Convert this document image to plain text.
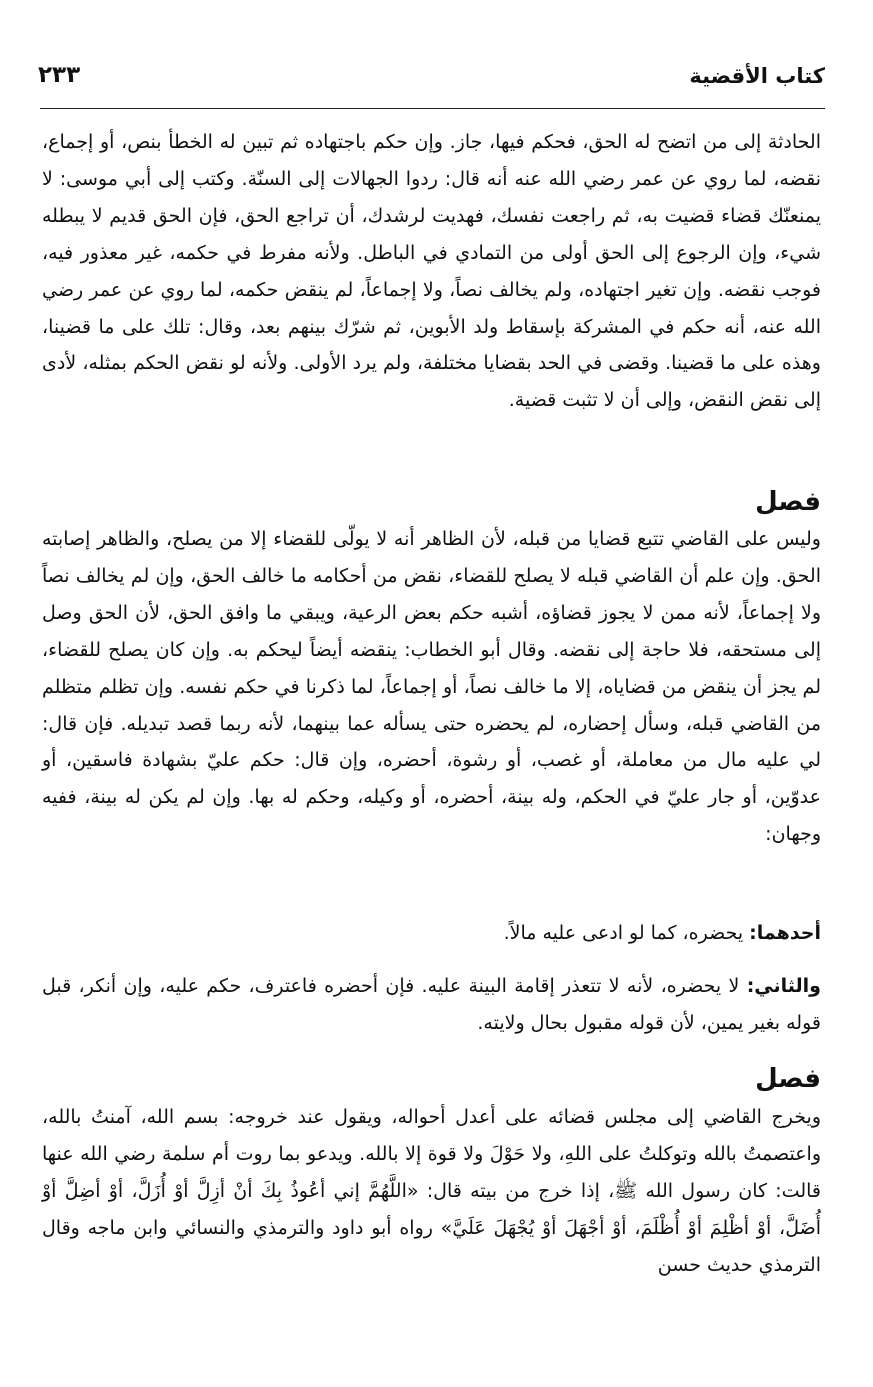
كتاب الأقضية
٢٣٣

الحادثة إلى من اتضح له الحق، فحكم فيها، جاز. وإن حكم باجتهاده ثم تبين له الخطأ بنص، أو إجماع، نقضه، لما روي عن عمر رضي الله عنه أنه قال: ردوا الجهالات إلى السنّة. وكتب إلى أبي موسى: لا يمنعنّك قضاء قضيت به، ثم راجعت نفسك، فهديت لرشدك، أن تراجع الحق، فإن الحق قديم لا يبطله شيء، وإن الرجوع إلى الحق أولى من التمادي في الباطل. ولأنه مفرط في حكمه، غير معذور فيه، فوجب نقضه. وإن تغير اجتهاده، ولم يخالف نصاً، ولا إجماعاً، لم ينقض حكمه، لما روي عن عمر رضي الله عنه، أنه حكم في المشركة بإسقاط ولد الأبوين، ثم شرّك بينهم بعد، وقال: تلك على ما قضينا، وهذه على ما قضينا. وقضى في الحد بقضايا مختلفة، ولم يرد الأولى. ولأنه لو نقض الحكم بمثله، لأدى إلى نقض النقض، وإلى أن لا تثبت قضية.

فصل

وليس على القاضي تتبع قضايا من قبله، لأن الظاهر أنه لا يولّى للقضاء إلا من يصلح، والظاهر إصابته الحق. وإن علم أن القاضي قبله لا يصلح للقضاء، نقض من أحكامه ما خالف الحق، وإن لم يخالف نصاً ولا إجماعاً، لأنه ممن لا يجوز قضاؤه، أشبه حكم بعض الرعية، ويبقي ما وافق الحق، لأن الحق وصل إلى مستحقه، فلا حاجة إلى نقضه. وقال أبو الخطاب: ينقضه أيضاً ليحكم به. وإن كان يصلح للقضاء، لم يجز أن ينقض من قضاياه، إلا ما خالف نصاً، أو إجماعاً، لما ذكرنا في حكم نفسه. وإن تظلم متظلم من القاضي قبله، وسأل إحضاره، لم يحضره حتى يسأله عما بينهما، لأنه ربما قصد تبديله. فإن قال: لي عليه مال من معاملة، أو غصب، أو رشوة، أحضره، وإن قال: حكم عليّ بشهادة فاسقين، أو عدوّين، أو جار عليّ في الحكم، وله بينة، أحضره، أو وكيله، وحكم له بها. وإن لم يكن له بينة، ففيه وجهان:

أحدهما: يحضره، كما لو ادعى عليه مالاً.

والثاني: لا يحضره، لأنه لا تتعذر إقامة البينة عليه. فإن أحضره فاعترف، حكم عليه، وإن أنكر، قبل قوله بغير يمين، لأن قوله مقبول بحال ولايته.

فصل

ويخرج القاضي إلى مجلس قضائه على أعدل أحواله، ويقول عند خروجه: بسم الله، آمنتُ بالله، واعتصمتُ بالله وتوكلتُ على اللهِ، ولا حَوْلَ ولا قوة إلا بالله. ويدعو بما روت أم سلمة رضي الله عنها قالت: كان رسول الله ﷺ، إذا خرج من بيته قال: «اللَّهُمَّ إني أعُوذُ بِكَ أنْ أزِلَّ أوْ أُزَلَّ، أوْ أضِلَّ أوْ أُضَلَّ، أوْ أظْلِمَ أوْ أُظْلَمَ، أوْ أجْهَلَ أوْ يُجْهَلَ عَلَيَّ» رواه أبو داود والترمذي والنسائي وابن ماجه وقال الترمذي حديث حسن
